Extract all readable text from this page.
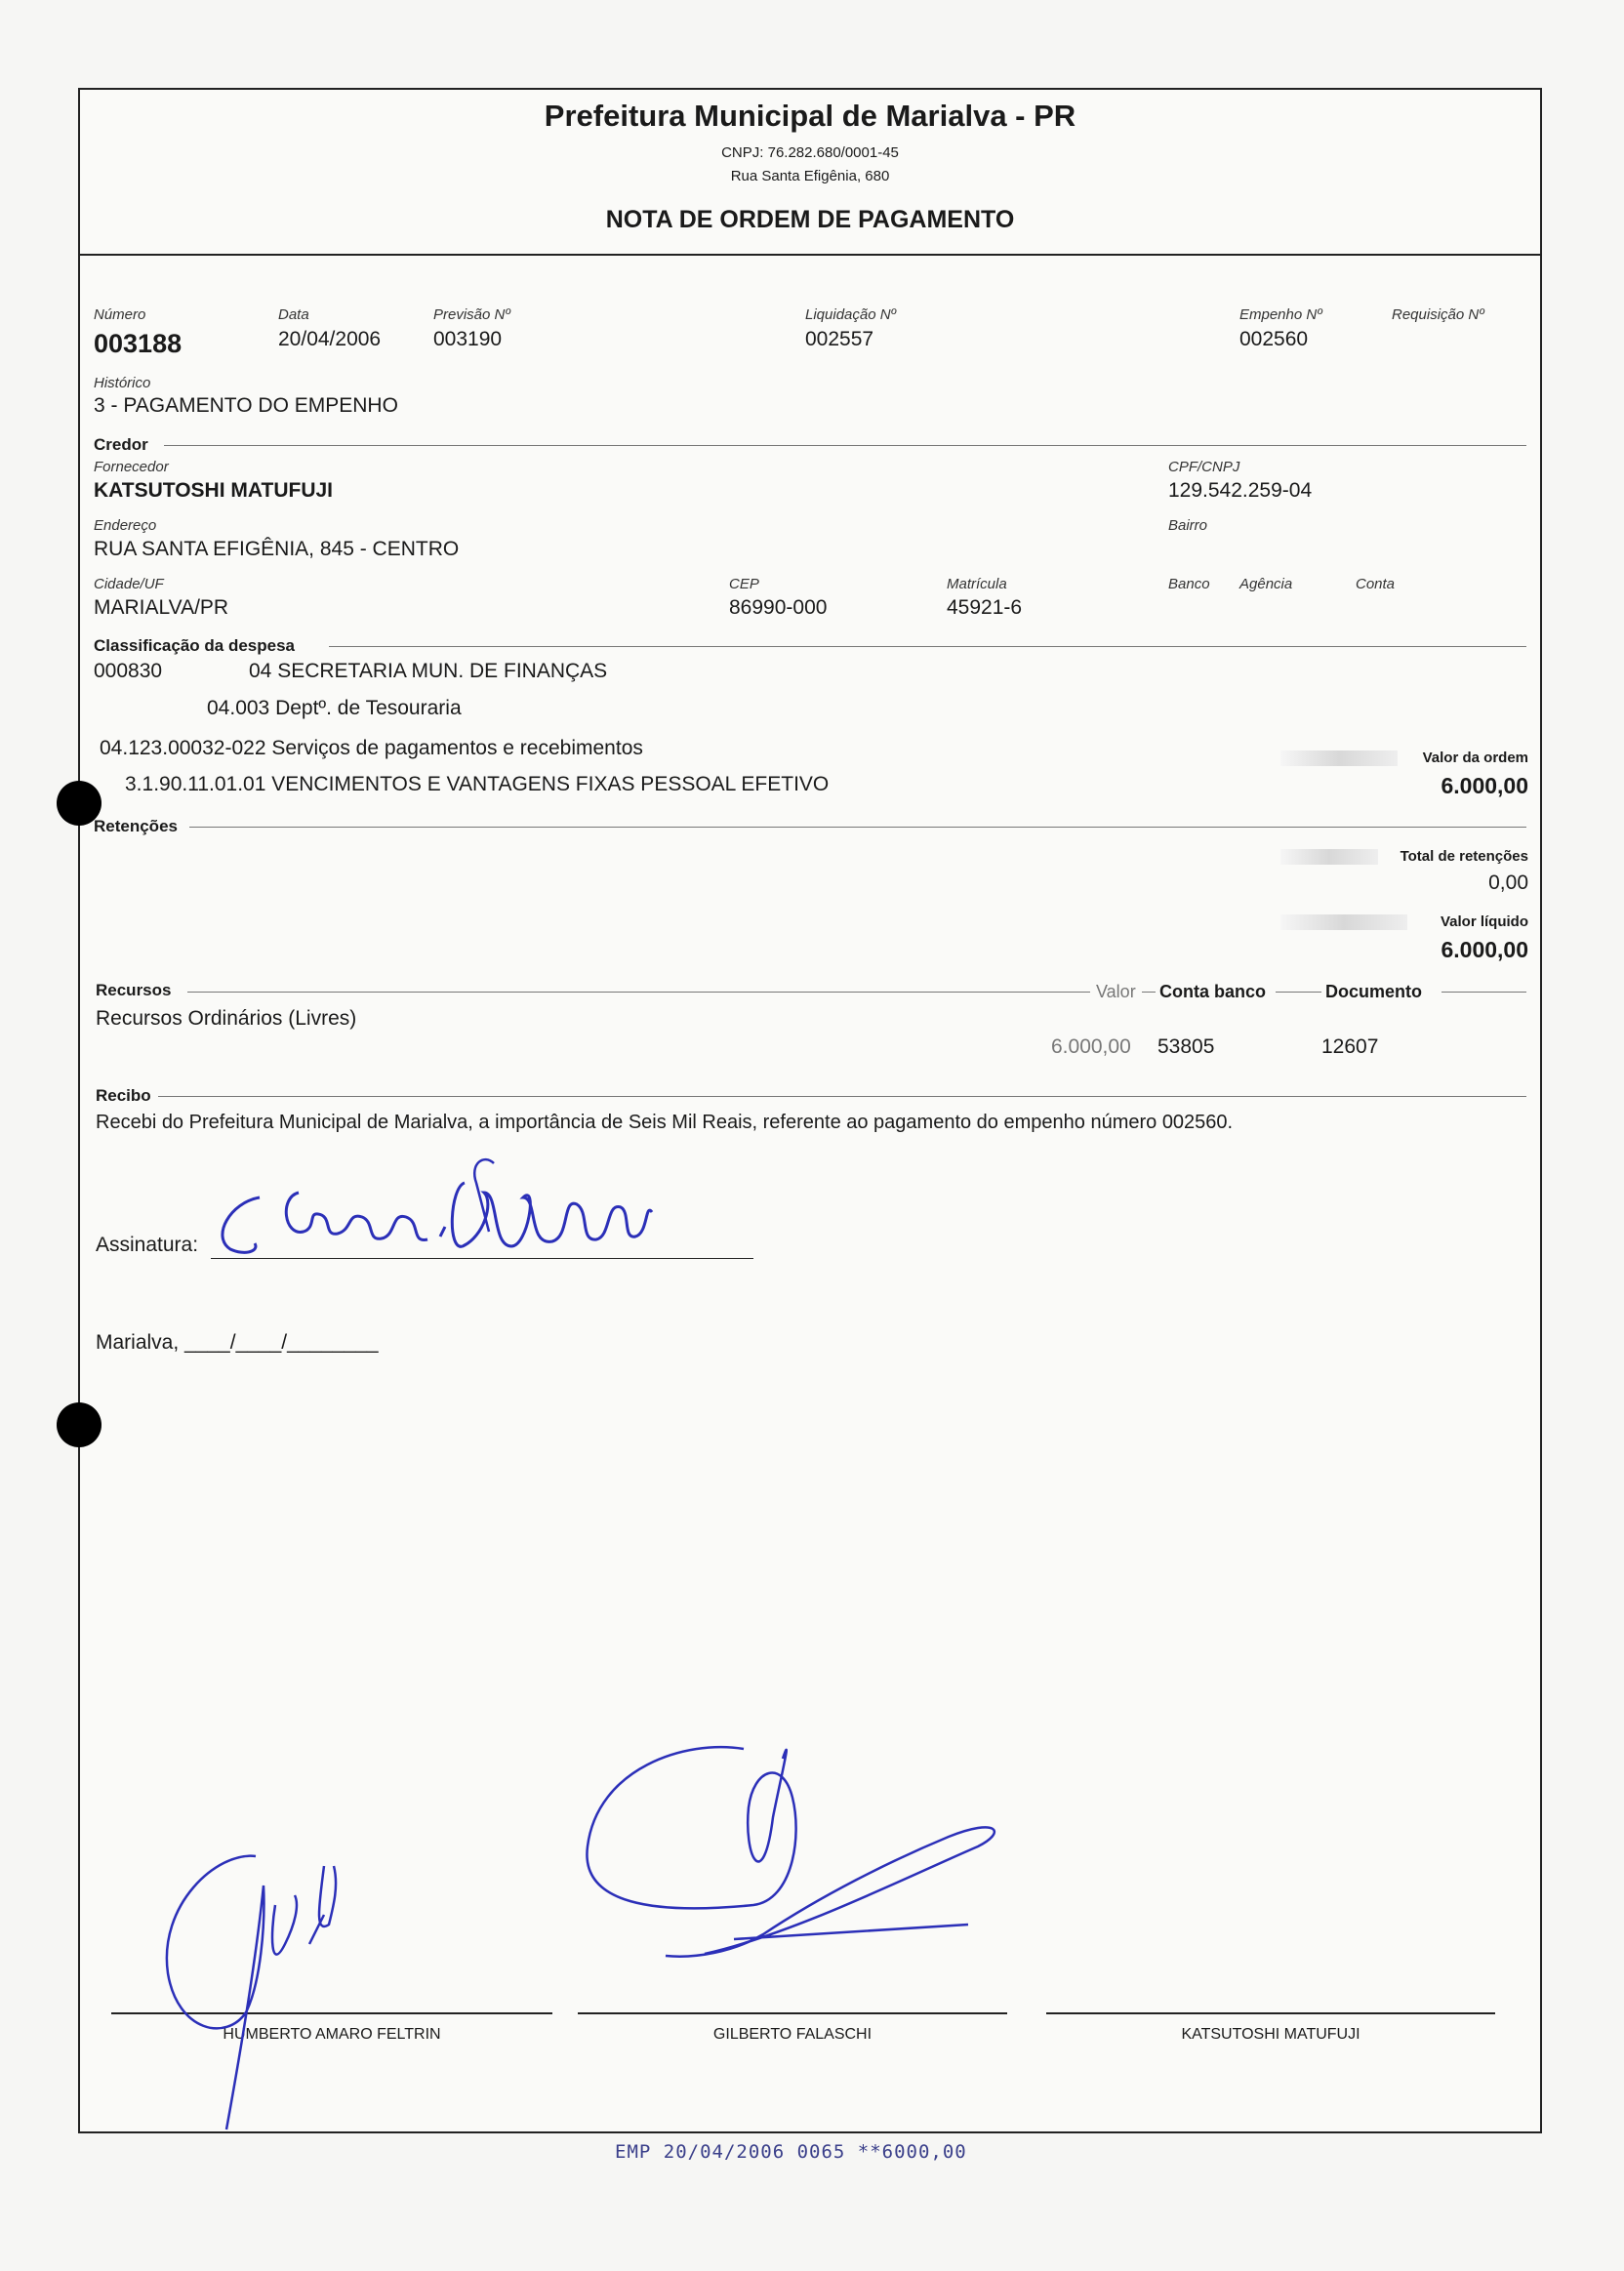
Prefeitura Municipal de Marialva - PR
CNPJ: 76.282.680/0001-45
Rua Santa Efigênia, 680
NOTA DE ORDEM DE PAGAMENTO
Número
003188
Data
20/04/2006
Previsão Nº
003190
Liquidação Nº
002557
Empenho Nº
002560
Requisição Nº
Histórico
3 - PAGAMENTO DO EMPENHO
Credor
Fornecedor
KATSUTOSHI MATUFUJI
CPF/CNPJ
129.542.259-04
Endereço
RUA SANTA EFIGÊNIA, 845 - CENTRO
Bairro
Cidade/UF
MARIALVA/PR
CEP
86990-000
Matrícula
45921-6
Banco Agência	Conta
Classificação da despesa
000830	04 SECRETARIA MUN. DE FINANÇAS
04.003 Deptº. de Tesouraria
04.123.00032-022 Serviços de pagamentos e recebimentos
3.1.90.11.01.01 VENCIMENTOS E VANTAGENS FIXAS PESSOAL EFETIVO
Valor da ordem
6.000,00
Retenções
Total de retenções
0,00
Valor líquido
6.000,00
Recursos	Valor	Conta banco	Documento
Recursos Ordinários (Livres)
6.000,00 53805	12607
Recibo
Recebi do Prefeitura Municipal de Marialva, a importância de Seis Mil Reais, referente ao pagamento do empenho número 002560.
Assinatura:
Marialva, ____/____/________
HUMBERTO AMARO FELTRIN	GILBERTO FALASCHI	KATSUTOSHI MATUFUJI
EMP 20/04/2006 0065 **6000,00
